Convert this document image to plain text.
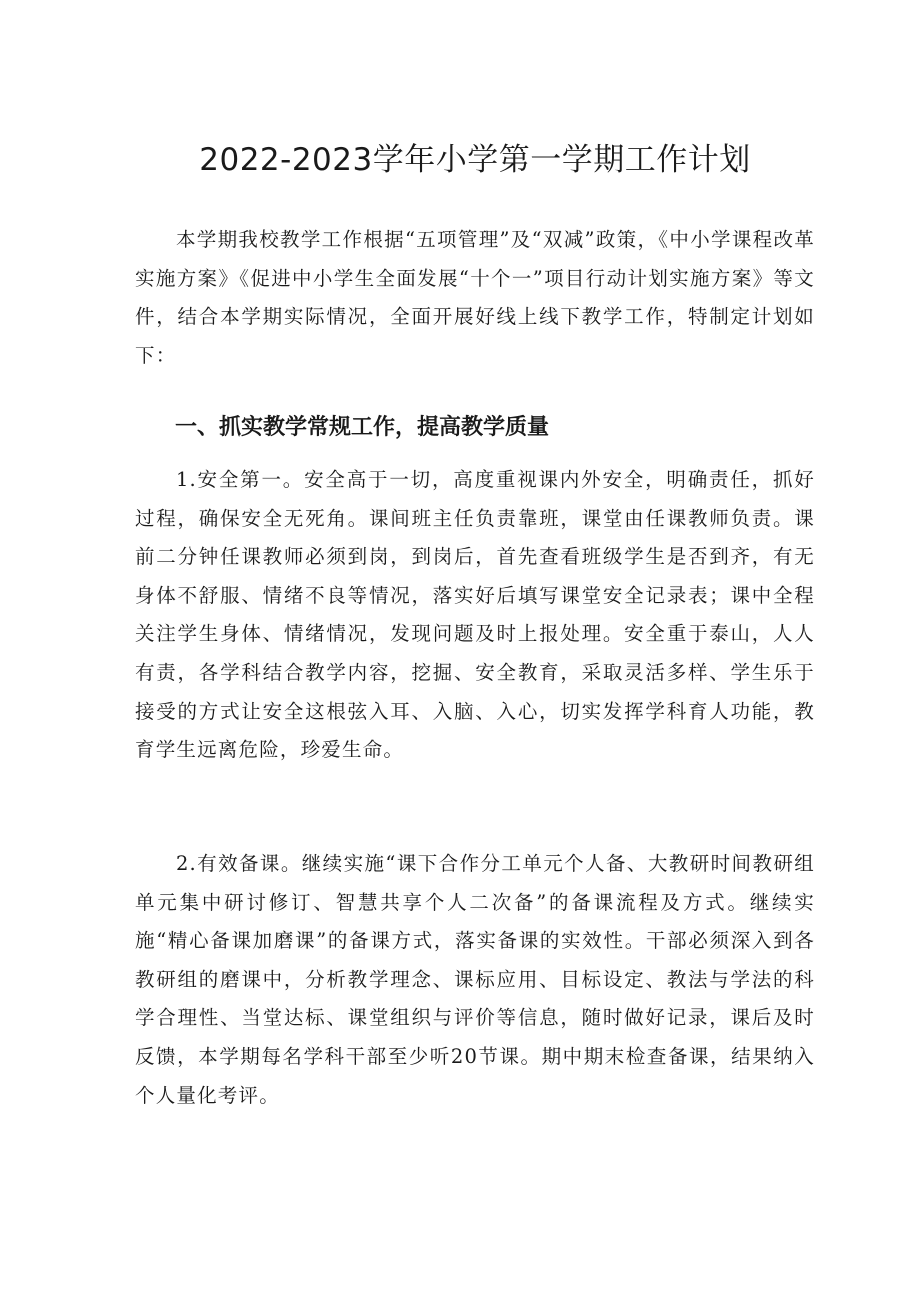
2022-2023学年小学第一学期工作计划

本学期我校教学工作根据“五项管理”及“双减”政策，《中小学课程改革实施方案》《促进中小学生全面发展“十个一”项目行动计划实施方案》等文件，结合本学期实际情况，全面开展好线上线下教学工作，特制定计划如下：

一、抓实教学常规工作，提高教学质量

1.安全第一。安全高于一切，高度重视课内外安全，明确责任，抓好过程，确保安全无死角。课间班主任负责靠班，课堂由任课教师负责。课前二分钟任课教师必须到岗，到岗后，首先查看班级学生是否到齐，有无身体不舒服、情绪不良等情况，落实好后填写课堂安全记录表；课中全程关注学生身体、情绪情况，发现问题及时上报处理。安全重于泰山，人人有责，各学科结合教学内容，挖掘、安全教育，采取灵活多样、学生乐于接受的方式让安全这根弦入耳、入脑、入心，切实发挥学科育人功能，教育学生远离危险，珍爱生命。

2.有效备课。继续实施“课下合作分工单元个人备、大教研时间教研组单元集中研讨修订、智慧共享个人二次备”的备课流程及方式。继续实施“精心备课加磨课”的备课方式，落实备课的实效性。干部必须深入到各教研组的磨课中，分析教学理念、课标应用、目标设定、教法与学法的科学合理性、当堂达标、课堂组织与评价等信息，随时做好记录，课后及时反馈，本学期每名学科干部至少听20节课。期中期末检查备课，结果纳入个人量化考评。
